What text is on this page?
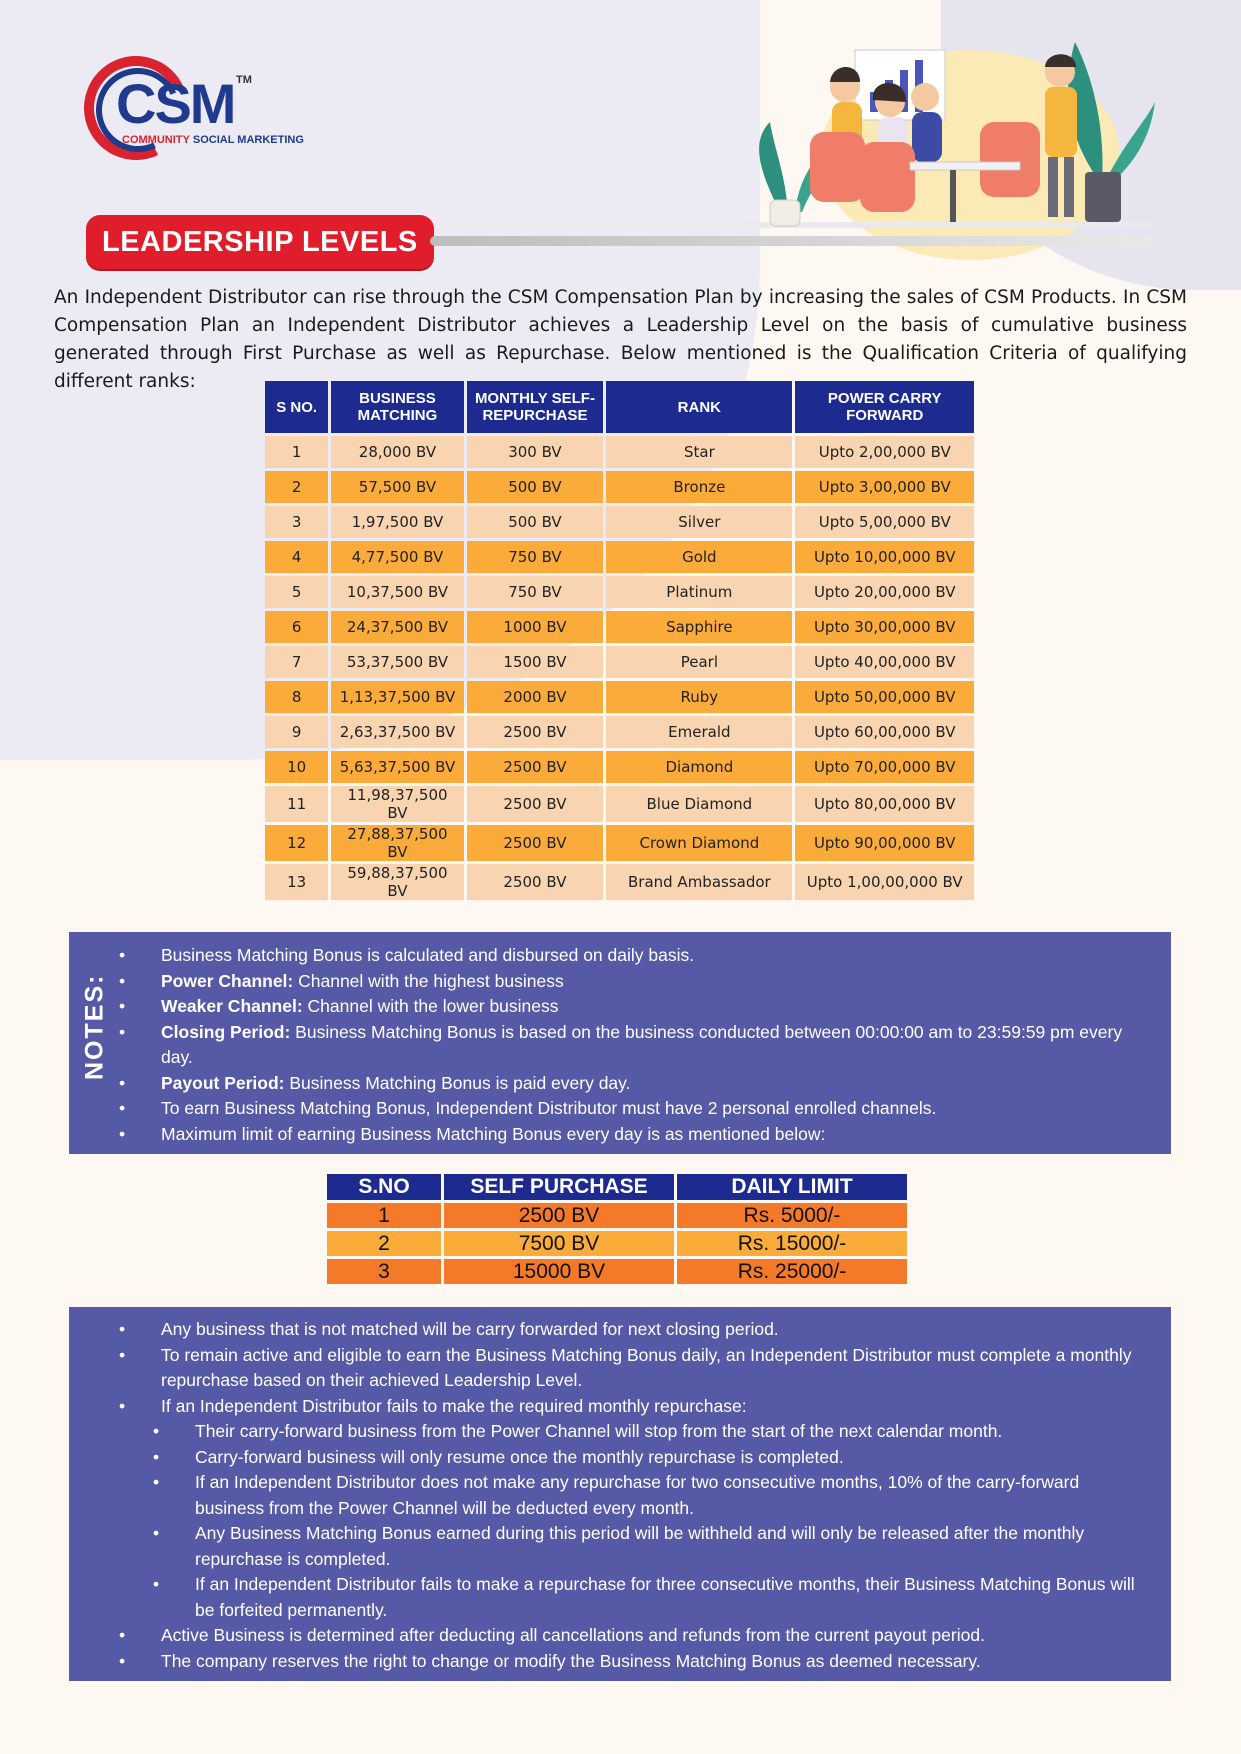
CSM TM
COMMUNITY SOCIAL MARKETING
LEADERSHIP LEVELS

An Independent Distributor can rise through the CSM Compensation Plan by increasing the sales of CSM Products. In CSM Compensation Plan an Independent Distributor achieves a Leadership Level on the basis of cumulative business generated through First Purchase as well as Repurchase. Below mentioned is the Qualification Criteria of qualifying different ranks:

S NO.	BUSINESS MATCHING	MONTHLY SELF-REPURCHASE	RANK	POWER CARRY FORWARD
1	28,000 BV	300 BV	Star	Upto 2,00,000 BV
2	57,500 BV	500 BV	Bronze	Upto 3,00,000 BV
3	1,97,500 BV	500 BV	Silver	Upto 5,00,000 BV
4	4,77,500 BV	750 BV	Gold	Upto 10,00,000 BV
5	10,37,500 BV	750 BV	Platinum	Upto 20,00,000 BV
6	24,37,500 BV	1000 BV	Sapphire	Upto 30,00,000 BV
7	53,37,500 BV	1500 BV	Pearl	Upto 40,00,000 BV
8	1,13,37,500 BV	2000 BV	Ruby	Upto 50,00,000 BV
9	2,63,37,500 BV	2500 BV	Emerald	Upto 60,00,000 BV
10	5,63,37,500 BV	2500 BV	Diamond	Upto 70,00,000 BV
11	11,98,37,500 BV	2500 BV	Blue Diamond	Upto 80,00,000 BV
12	27,88,37,500 BV	2500 BV	Crown Diamond	Upto 90,00,000 BV
13	59,88,37,500 BV	2500 BV	Brand Ambassador	Upto 1,00,00,000 BV
NOTES:
• Business Matching Bonus is calculated and disbursed on daily basis.
• Power Channel: Channel with the highest business
• Weaker Channel: Channel with the lower business
• Closing Period: Business Matching Bonus is based on the business conducted between 00:00:00 am to 23:59:59 pm every day.
• Payout Period: Business Matching Bonus is paid every day.
• To earn Business Matching Bonus, Independent Distributor must have 2 personal enrolled channels.
• Maximum limit of earning Business Matching Bonus every day is as mentioned below:
S.NO	SELF PURCHASE	DAILY LIMIT
1	2500 BV	Rs. 5000/-
2	7500 BV	Rs. 15000/-
3	15000 BV	Rs. 25000/-
• Any business that is not matched will be carry forwarded for next closing period.
• To remain active and eligible to earn the Business Matching Bonus daily, an Independent Distributor must complete a monthly repurchase based on their achieved Leadership Level.
• If an Independent Distributor fails to make the required monthly repurchase:
• Their carry-forward business from the Power Channel will stop from the start of the next calendar month.
• Carry-forward business will only resume once the monthly repurchase is completed.
• If an Independent Distributor does not make any repurchase for two consecutive months, 10% of the carry-forward business from the Power Channel will be deducted every month.
• Any Business Matching Bonus earned during this period will be withheld and will only be released after the monthly repurchase is completed.
• If an Independent Distributor fails to make a repurchase for three consecutive months, their Business Matching Bonus will be forfeited permanently.
• Active Business is determined after deducting all cancellations and refunds from the current payout period.
• The company reserves the right to change or modify the Business Matching Bonus as deemed necessary.
